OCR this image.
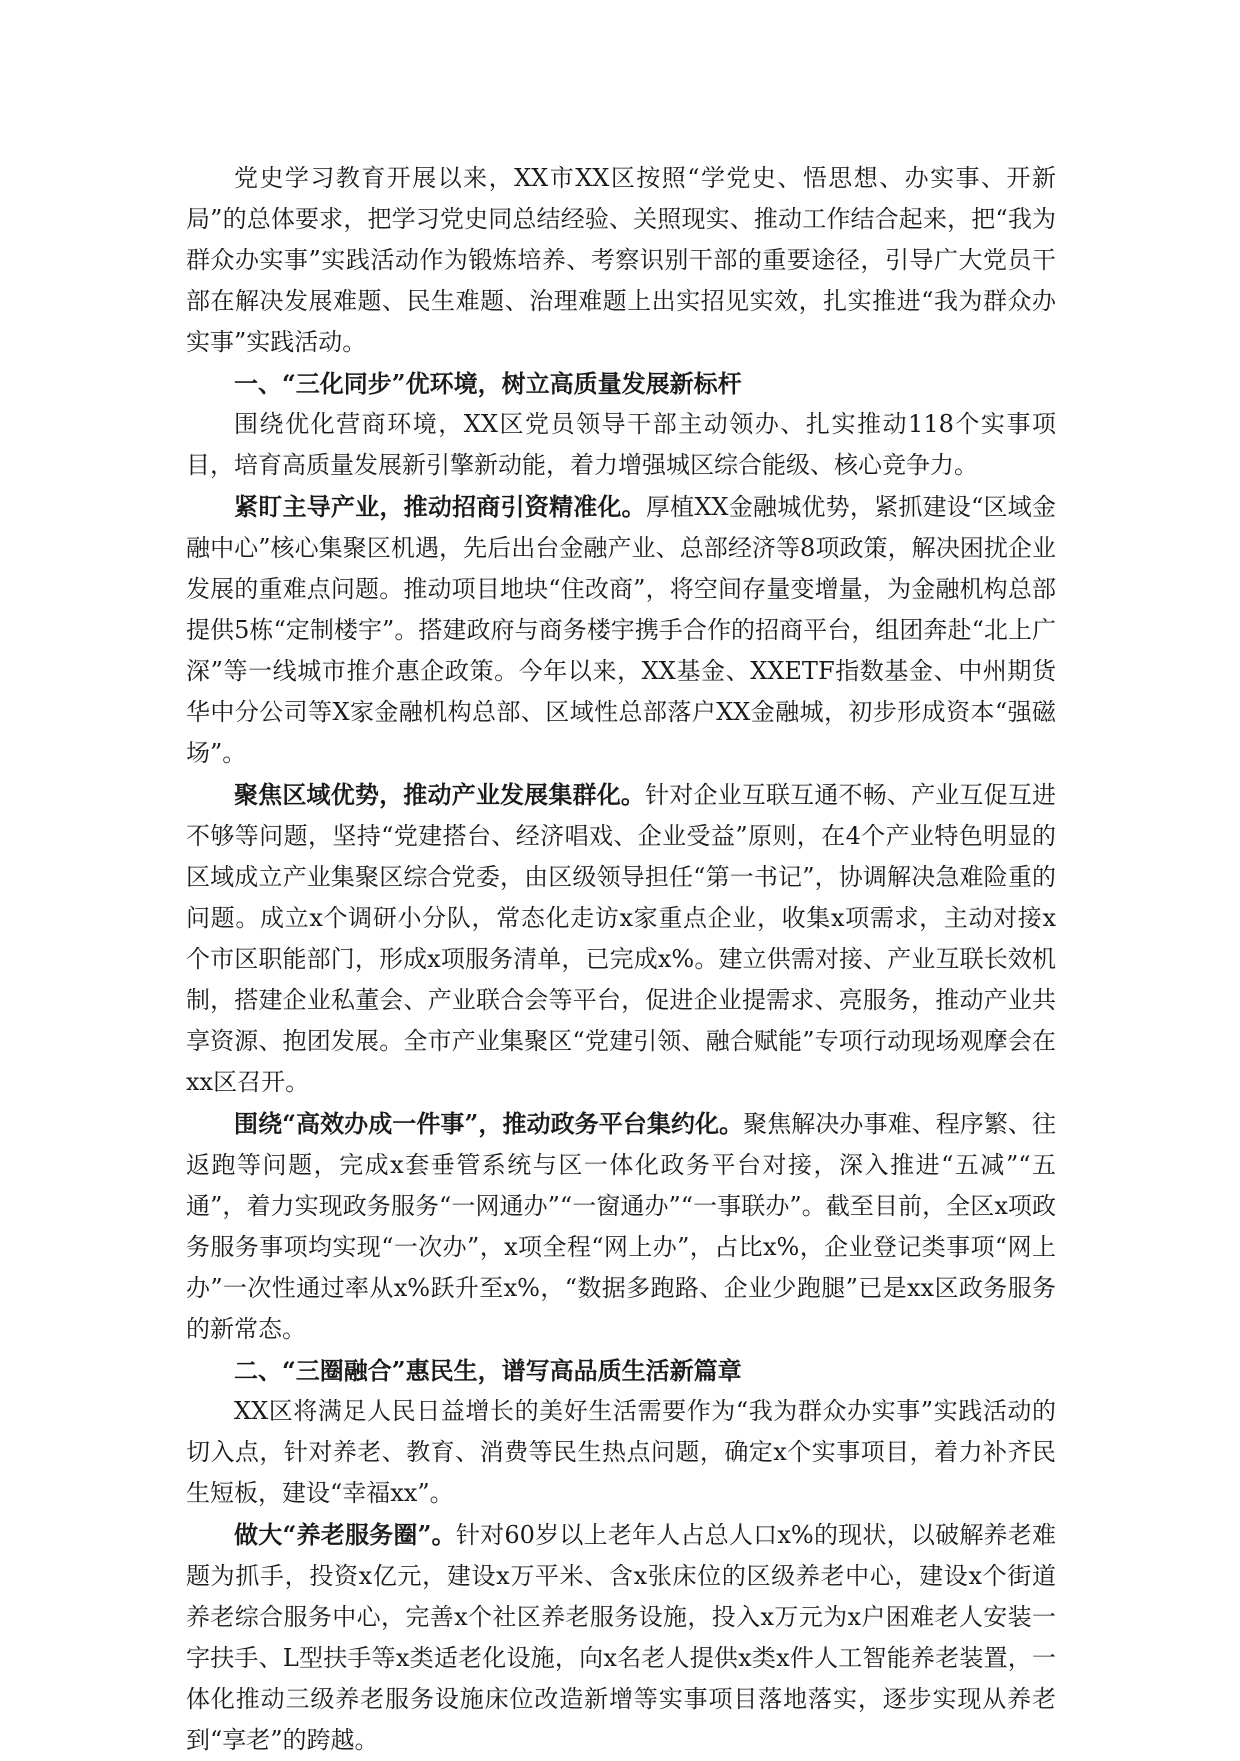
党史学习教育开展以来，XX市XX区按照“学党史、悟思想、办实事、开新局”的总体要求，把学习党史同总结经验、关照现实、推动工作结合起来，把“我为群众办实事”实践活动作为锻炼培养、考察识别干部的重要途径，引导广大党员干部在解决发展难题、民生难题、治理难题上出实招见实效，扎实推进“我为群众办实事”实践活动。

一、“三化同步”优环境，树立高质量发展新标杆

围绕优化营商环境，XX区党员领导干部主动领办、扎实推动118个实事项目，培育高质量发展新引擎新动能，着力增强城区综合能级、核心竞争力。

紧盯主导产业，推动招商引资精准化。厚植XX金融城优势，紧抓建设“区域金融中心”核心集聚区机遇，先后出台金融产业、总部经济等8项政策，解决困扰企业发展的重难点问题。推动项目地块“住改商”，将空间存量变增量，为金融机构总部提供5栋“定制楼宇”。搭建政府与商务楼宇携手合作的招商平台，组团奔赴“北上广深”等一线城市推介惠企政策。今年以来，XX基金、XXETF指数基金、中州期货华中分公司等X家金融机构总部、区域性总部落户XX金融城，初步形成资本“强磁场”。

聚焦区域优势，推动产业发展集群化。针对企业互联互通不畅、产业互促互进不够等问题，坚持“党建搭台、经济唱戏、企业受益”原则，在4个产业特色明显的区域成立产业集聚区综合党委，由区级领导担任“第一书记”，协调解决急难险重的问题。成立x个调研小分队，常态化走访x家重点企业，收集x项需求，主动对接x个市区职能部门，形成x项服务清单，已完成x%。建立供需对接、产业互联长效机制，搭建企业私董会、产业联合会等平台，促进企业提需求、亮服务，推动产业共享资源、抱团发展。全市产业集聚区“党建引领、融合赋能”专项行动现场观摩会在xx区召开。

围绕“高效办成一件事”，推动政务平台集约化。聚焦解决办事难、程序繁、往返跑等问题，完成x套垂管系统与区一体化政务平台对接，深入推进“五减”“五通”，着力实现政务服务“一网通办”“一窗通办”“一事联办”。截至目前，全区x项政务服务事项均实现“一次办”，x项全程“网上办”，占比x%，企业登记类事项“网上办”一次性通过率从x%跃升至x%，“数据多跑路、企业少跑腿”已是xx区政务服务的新常态。

二、“三圈融合”惠民生，谱写高品质生活新篇章

XX区将满足人民日益增长的美好生活需要作为“我为群众办实事”实践活动的切入点，针对养老、教育、消费等民生热点问题，确定x个实事项目，着力补齐民生短板，建设“幸福xx”。

做大“养老服务圈”。针对60岁以上老年人占总人口x%的现状，以破解养老难题为抓手，投资x亿元，建设x万平米、含x张床位的区级养老中心，建设x个街道养老综合服务中心，完善x个社区养老服务设施，投入x万元为x户困难老人安装一字扶手、L型扶手等x类适老化设施，向x名老人提供x类x件人工智能养老装置，一体化推动三级养老服务设施床位改造新增等实事项目落地落实，逐步实现从养老到“享老”的跨越。
